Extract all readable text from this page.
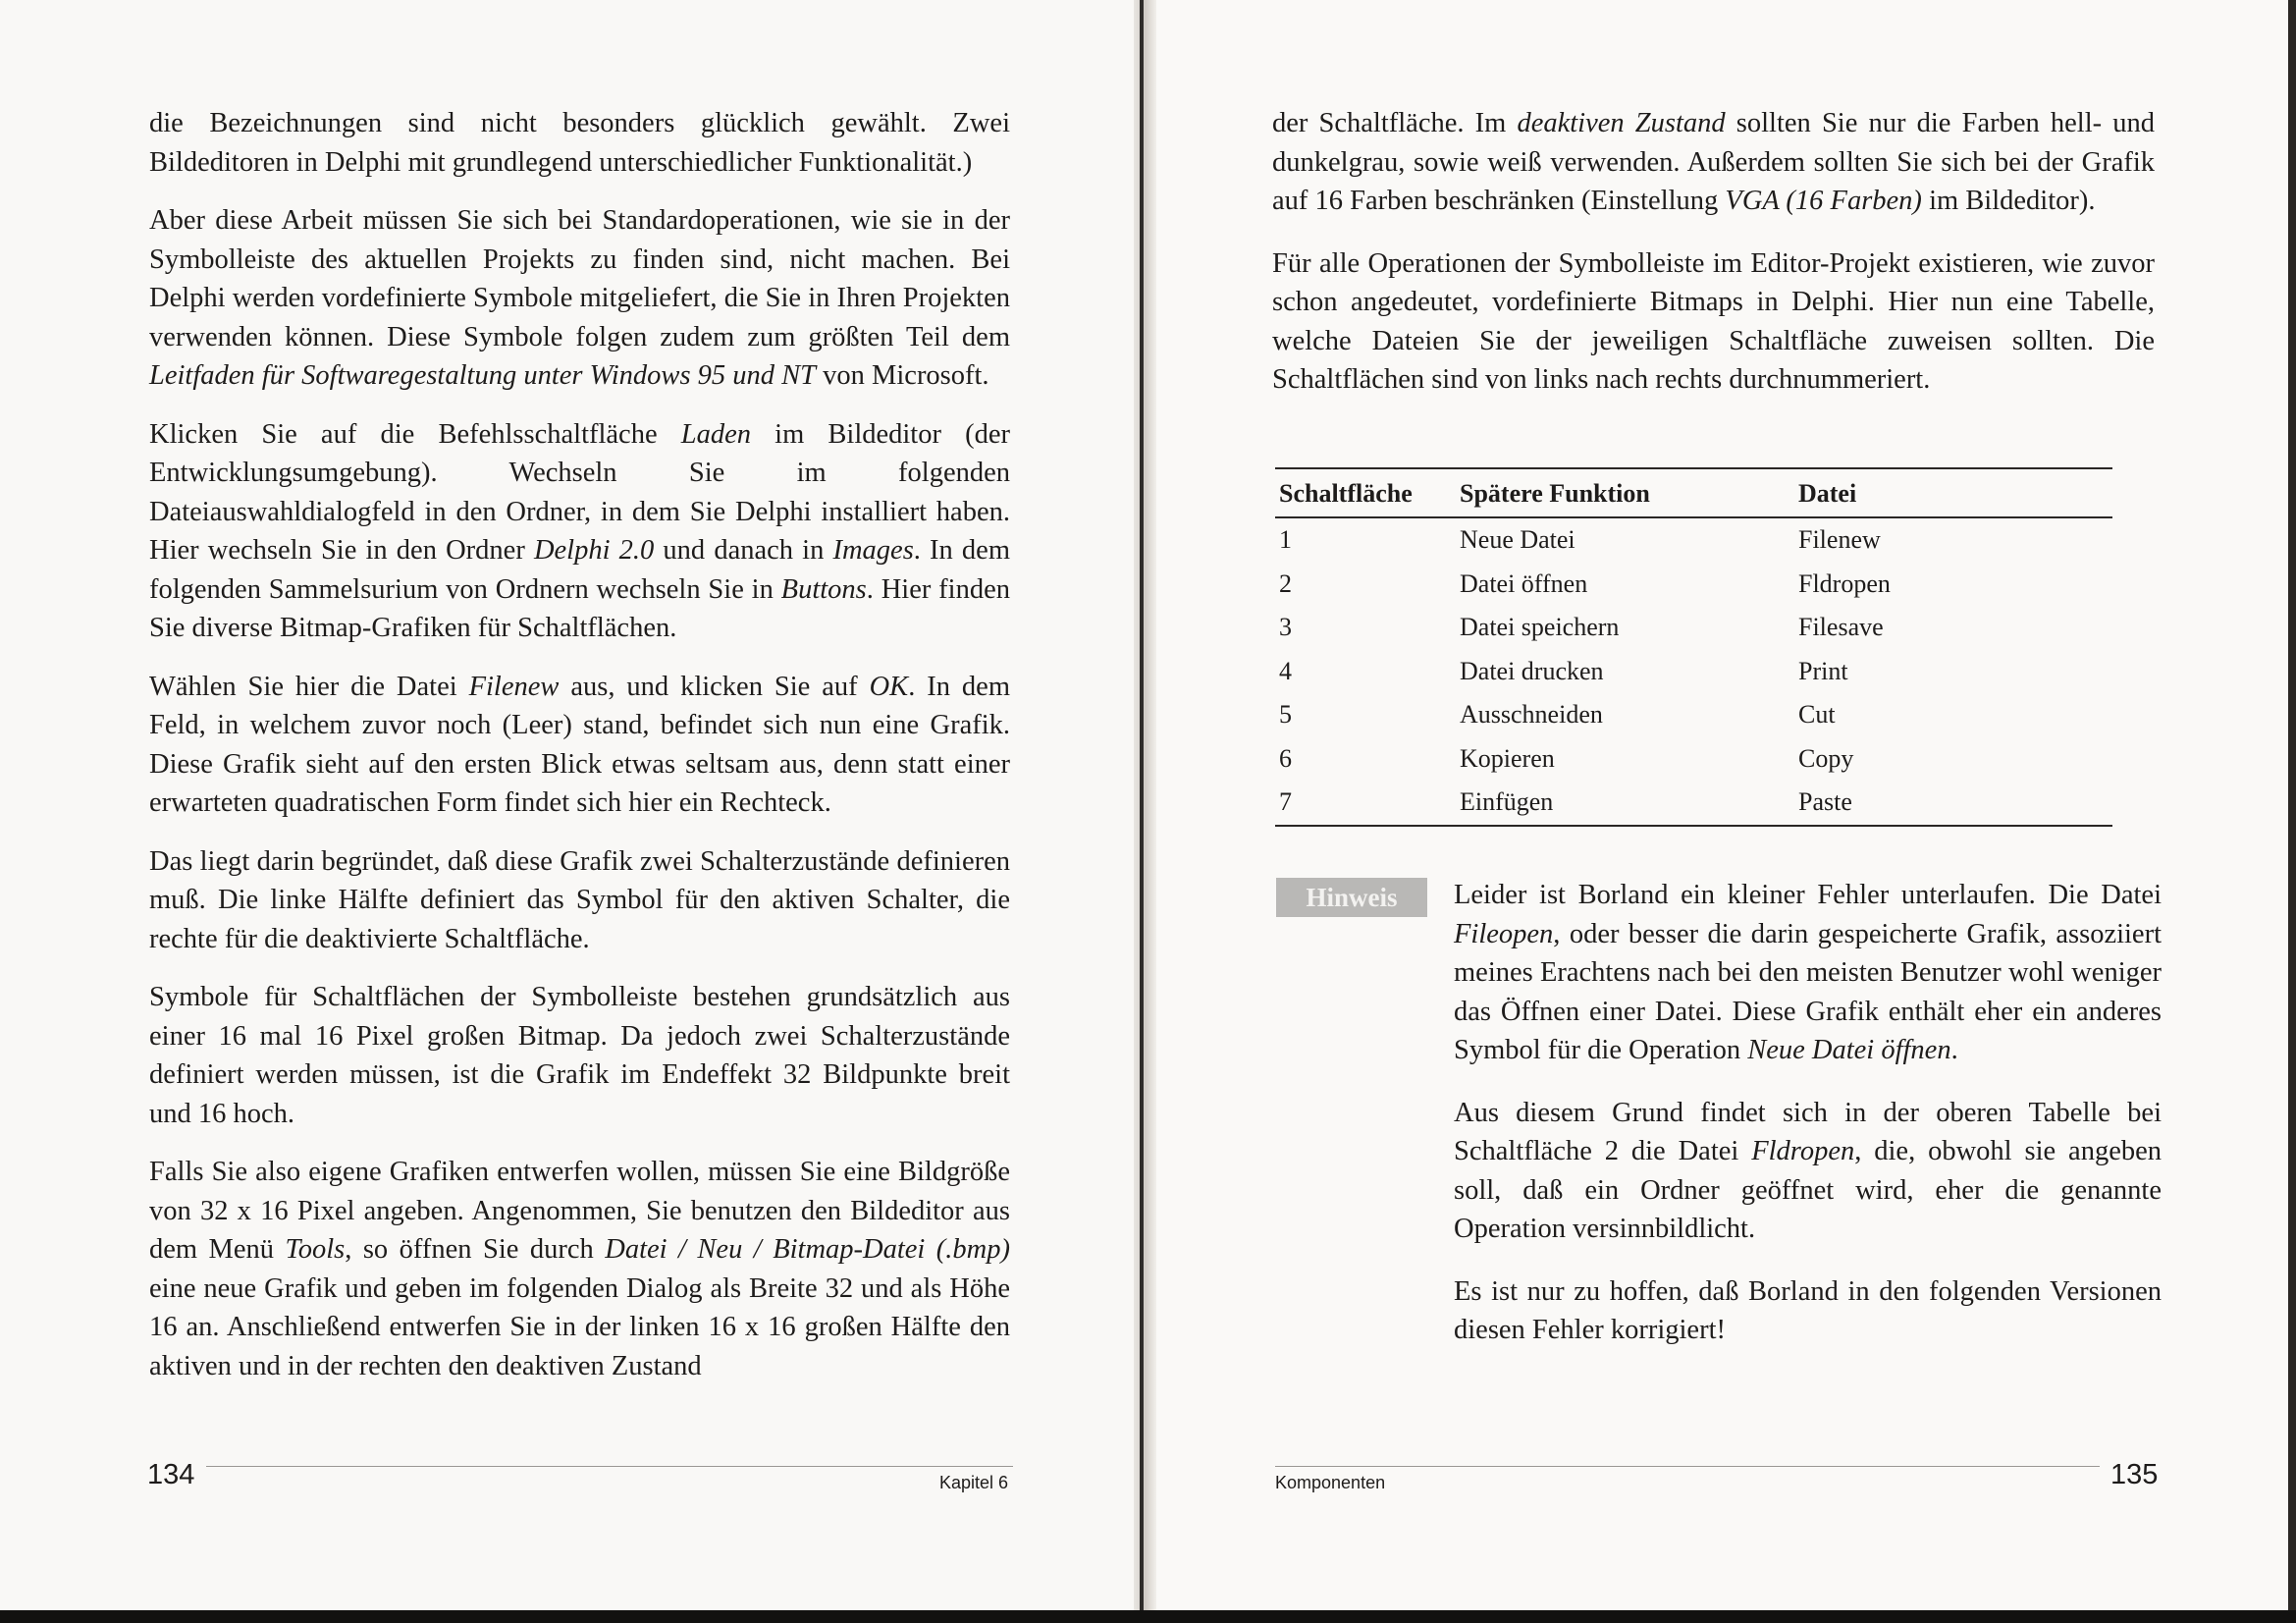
die Bezeichnungen sind nicht besonders glücklich gewählt. Zwei Bildeditoren in Delphi mit grundlegend unterschiedlicher Funktionalität.)

Aber diese Arbeit müssen Sie sich bei Standardoperationen, wie sie in der Symbolleiste des aktuellen Projekts zu finden sind, nicht machen. Bei Delphi werden vordefinierte Symbole mitgeliefert, die Sie in Ihren Projekten verwenden können. Diese Symbole folgen zudem zum größten Teil dem Leitfaden für Softwaregestaltung unter Windows 95 und NT von Microsoft.

Klicken Sie auf die Befehlsschaltfläche Laden im Bildeditor (der Entwicklungsumgebung). Wechseln Sie im folgenden Dateiauswahldialogfeld in den Ordner, in dem Sie Delphi installiert haben. Hier wechseln Sie in den Ordner Delphi 2.0 und danach in Images. In dem folgenden Sammelsurium von Ordnern wechseln Sie in Buttons. Hier finden Sie diverse Bitmap-Grafiken für Schaltflächen.

Wählen Sie hier die Datei Filenew aus, und klicken Sie auf OK. In dem Feld, in welchem zuvor noch (Leer) stand, befindet sich nun eine Grafik. Diese Grafik sieht auf den ersten Blick etwas seltsam aus, denn statt einer erwarteten quadratischen Form findet sich hier ein Rechteck.

Das liegt darin begründet, daß diese Grafik zwei Schalterzustände definieren muß. Die linke Hälfte definiert das Symbol für den aktiven Schalter, die rechte für die deaktivierte Schaltfläche.

Symbole für Schaltflächen der Symbolleiste bestehen grundsätzlich aus einer 16 mal 16 Pixel großen Bitmap. Da jedoch zwei Schalterzustände definiert werden müssen, ist die Grafik im Endeffekt 32 Bildpunkte breit und 16 hoch.

Falls Sie also eigene Grafiken entwerfen wollen, müssen Sie eine Bildgröße von 32 x 16 Pixel angeben. Angenommen, Sie benutzen den Bildeditor aus dem Menü Tools, so öffnen Sie durch Datei / Neu / Bitmap-Datei (.bmp) eine neue Grafik und geben im folgenden Dialog als Breite 32 und als Höhe 16 an. Anschließend entwerfen Sie in der linken 16 x 16 großen Hälfte den aktiven und in der rechten den deaktiven Zustand

der Schaltfläche. Im deaktiven Zustand sollten Sie nur die Farben hell- und dunkelgrau, sowie weiß verwenden. Außerdem sollten Sie sich bei der Grafik auf 16 Farben beschränken (Einstellung VGA (16 Farben) im Bildeditor).

Für alle Operationen der Symbolleiste im Editor-Projekt existieren, wie zuvor schon angedeutet, vordefinierte Bitmaps in Delphi. Hier nun eine Tabelle, welche Dateien Sie der jeweiligen Schaltfläche zuweisen sollten. Die Schaltflächen sind von links nach rechts durchnummeriert.

Schaltfläche	Spätere Funktion	Datei
1	Neue Datei	Filenew
2	Datei öffnen	Fldropen
3	Datei speichern	Filesave
4	Datei drucken	Print
5	Ausschneiden	Cut
6	Kopieren	Copy
7	Einfügen	Paste
Hinweis	Leider ist Borland ein kleiner Fehler unterlaufen. Die Datei Fileopen, oder besser die darin gespeicherte Grafik, assoziiert meines Erachtens nach bei den meisten Benutzer wohl weniger das Öffnen einer Datei. Diese Grafik enthält eher ein anderes Symbol für die Operation Neue Datei öffnen.

Aus diesem Grund findet sich in der oberen Tabelle bei Schaltfläche 2 die Datei Fldropen, die, obwohl sie angeben soll, daß ein Ordner geöffnet wird, eher die genannte Operation versinnbildlicht.

Es ist nur zu hoffen, daß Borland in den folgenden Versionen diesen Fehler korrigiert!

134	Kapitel 6	Komponenten	135
